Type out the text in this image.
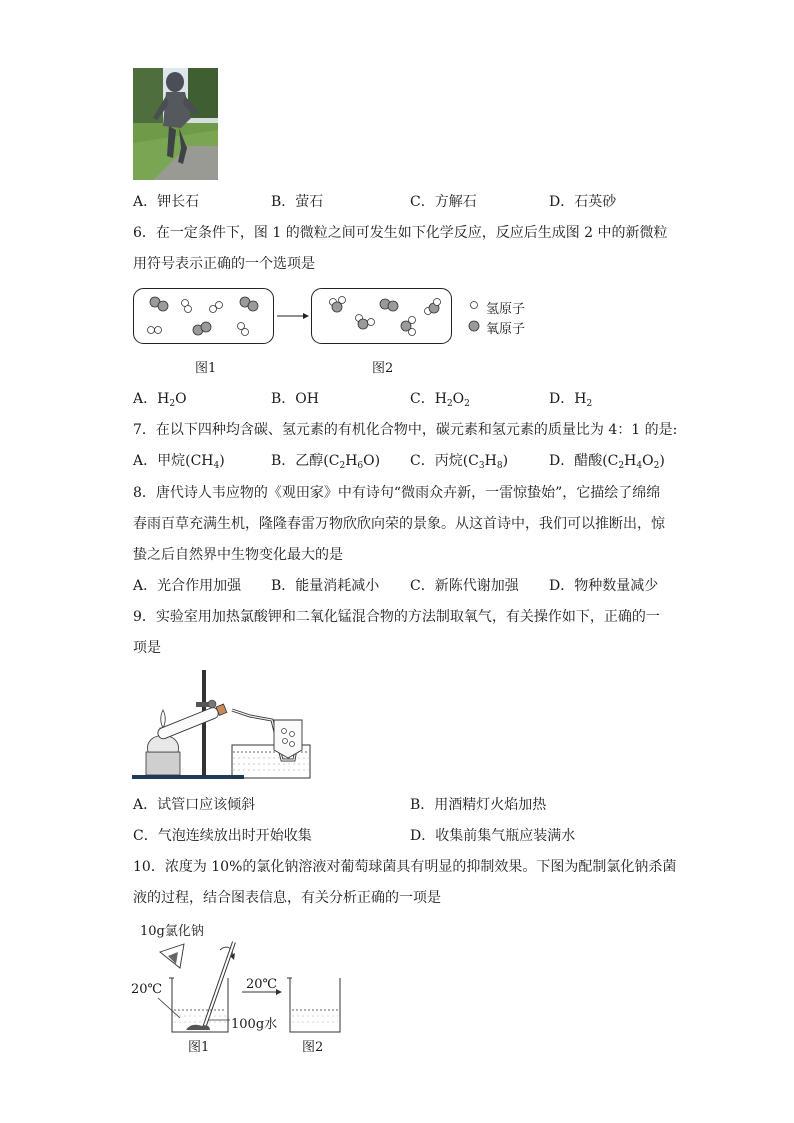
A．钾长石	B．萤石	C．方解石	D．石英砂
6．在一定条件下，图 1 的微粒之间可发生如下化学反应，反应后生成图 2 中的新微粒
用符号表示正确的一个选项是
氢原子
氧原子
图1	图2
A．$H_2O$	B．OH	C．$H_2O_2$	D．$H_2$
7．在以下四种均含碳、氢元素的有机化合物中，碳元素和氢元素的质量比为 4：1 的是:
A．甲烷$(CH_4)$	B．乙醇$(C_2H_6O)$ C．丙烷$(C_3H_8)$	D．醋酸$(C_2H_4O_2)$
8．唐代诗人韦应物的《观田家》中有诗句“微雨众卉新，一雷惊蛰始”，它描绘了绵绵
春雨百草充满生机，隆隆春雷万物欣欣向荣的景象。从这首诗中，我们可以推断出，惊
蛰之后自然界中生物变化最大的是
A．光合作用加强 B．能量消耗减小 C．新陈代谢加强 D．物种数量减少
9．实验室用加热氯酸钾和二氧化锰混合物的方法制取氧气，有关操作如下，正确的一
项是
A．试管口应该倾斜	B．用酒精灯火焰加热
C．气泡连续放出时开始收集	D．收集前集气瓶应装满水
10．浓度为 10%的氯化钠溶液对葡萄球菌具有明显的抑制效果。下图为配制氯化钠杀菌
液的过程，结合图表信息，有关分析正确的一项是
10g氯化钠
20℃	20℃
100g水
图1	图2
